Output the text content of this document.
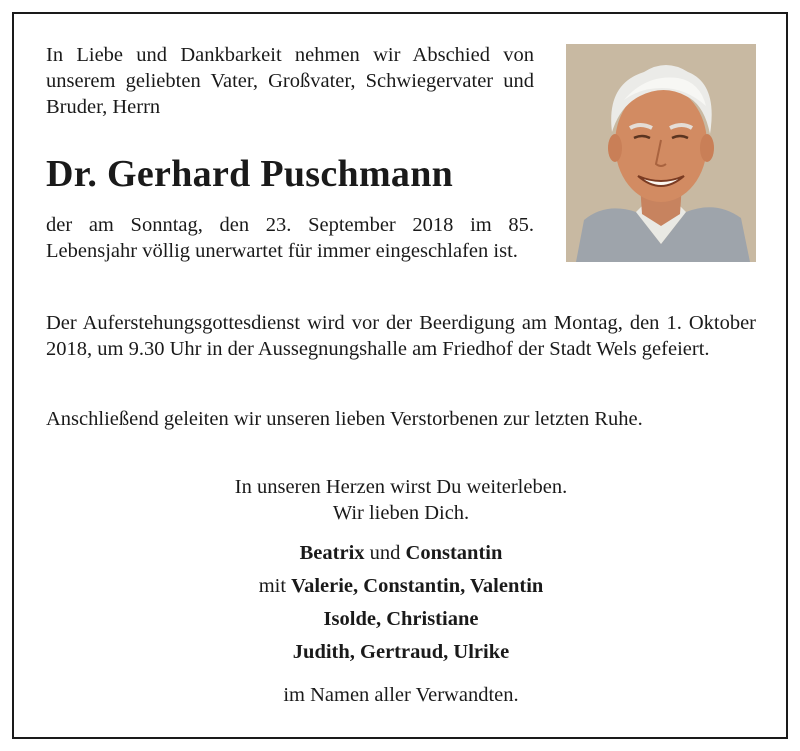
In Liebe und Dankbarkeit nehmen wir Abschied von unserem geliebten Vater, Großvater, Schwiegervater und Bruder, Herrn
Dr. Gerhard Puschmann
der am Sonntag, den 23. September 2018 im 85. Lebensjahr völlig unerwartet für immer eingeschlafen ist.
Der Auferstehungsgottesdienst wird vor der Beerdigung am Montag, den 1. Oktober 2018, um 9.30 Uhr in der Aussegnungshalle am Friedhof der Stadt Wels gefeiert.
Anschließend geleiten wir unseren lieben Verstorbenen zur letzten Ruhe.
In unseren Herzen wirst Du weiterleben.
Wir lieben Dich.
Beatrix und Constantin
mit Valerie, Constantin, Valentin
Isolde, Christiane
Judith, Gertraud, Ulrike
im Namen aller Verwandten.
